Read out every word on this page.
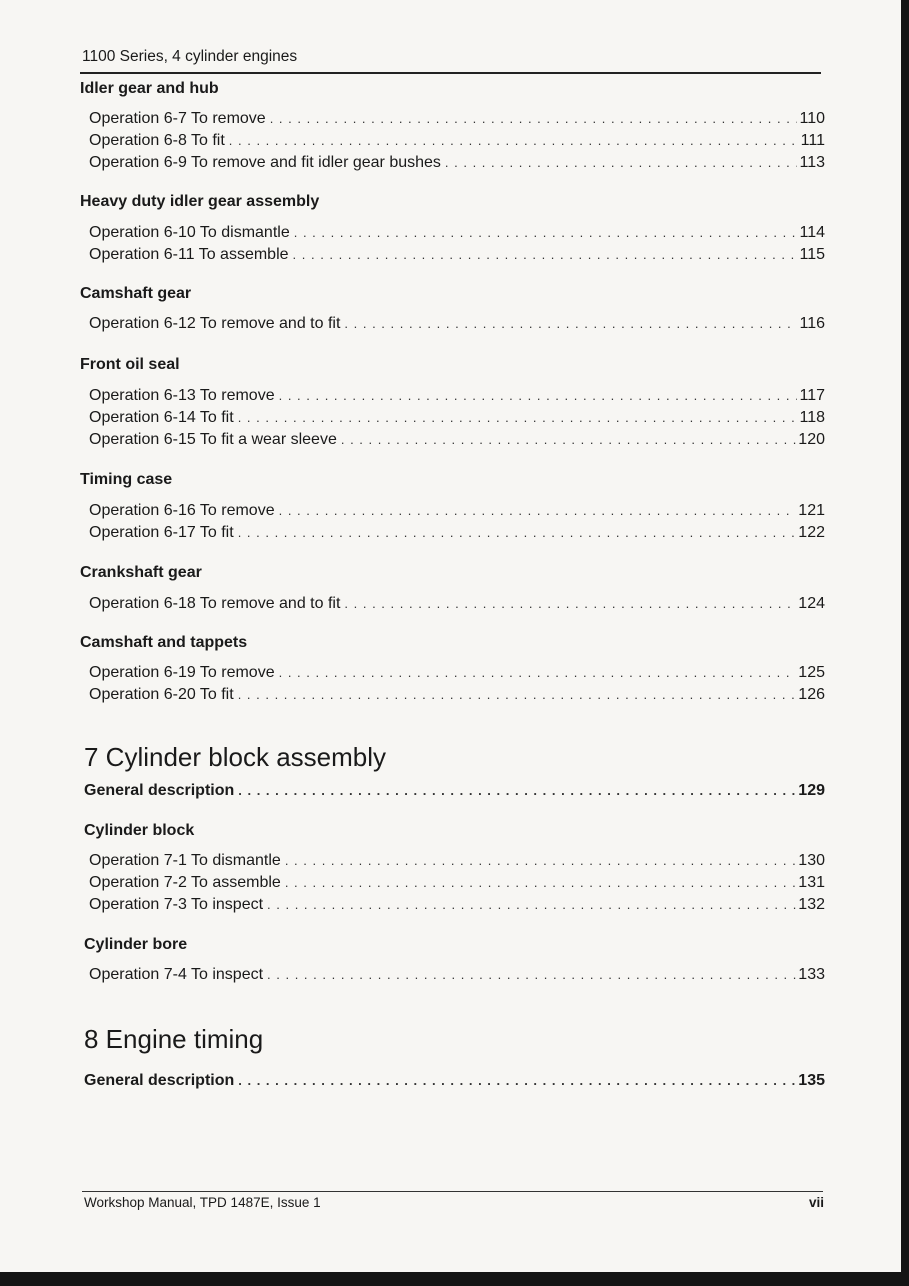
1100 Series, 4 cylinder engines
Idler gear and hub
Operation 6-7 To remove . . .	110
Operation 6-8 To fit . . .	111
Operation 6-9 To remove and fit idler gear bushes . . .	113
Heavy duty idler gear assembly
Operation 6-10 To dismantle . . .	114
Operation 6-11 To assemble . . .	115
Camshaft gear
Operation 6-12 To remove and to fit . . .	116
Front oil seal
Operation 6-13 To remove . . .	117
Operation 6-14 To fit . . .	118
Operation 6-15 To fit a wear sleeve . . .	120
Timing case
Operation 6-16 To remove . . .	121
Operation 6-17 To fit . . .	122
Crankshaft gear
Operation 6-18 To remove and to fit . . .	124
Camshaft and tappets
Operation 6-19 To remove . . .	125
Operation 6-20 To fit . . .	126
7 Cylinder block assembly
General description . . .	129
Cylinder block
Operation 7-1 To dismantle . . .	130
Operation 7-2 To assemble . . .	131
Operation 7-3 To inspect . . .	132
Cylinder bore
Operation 7-4 To inspect . . .	133
8 Engine timing
General description . . .	135
Workshop Manual, TPD 1487E, Issue 1	vii
